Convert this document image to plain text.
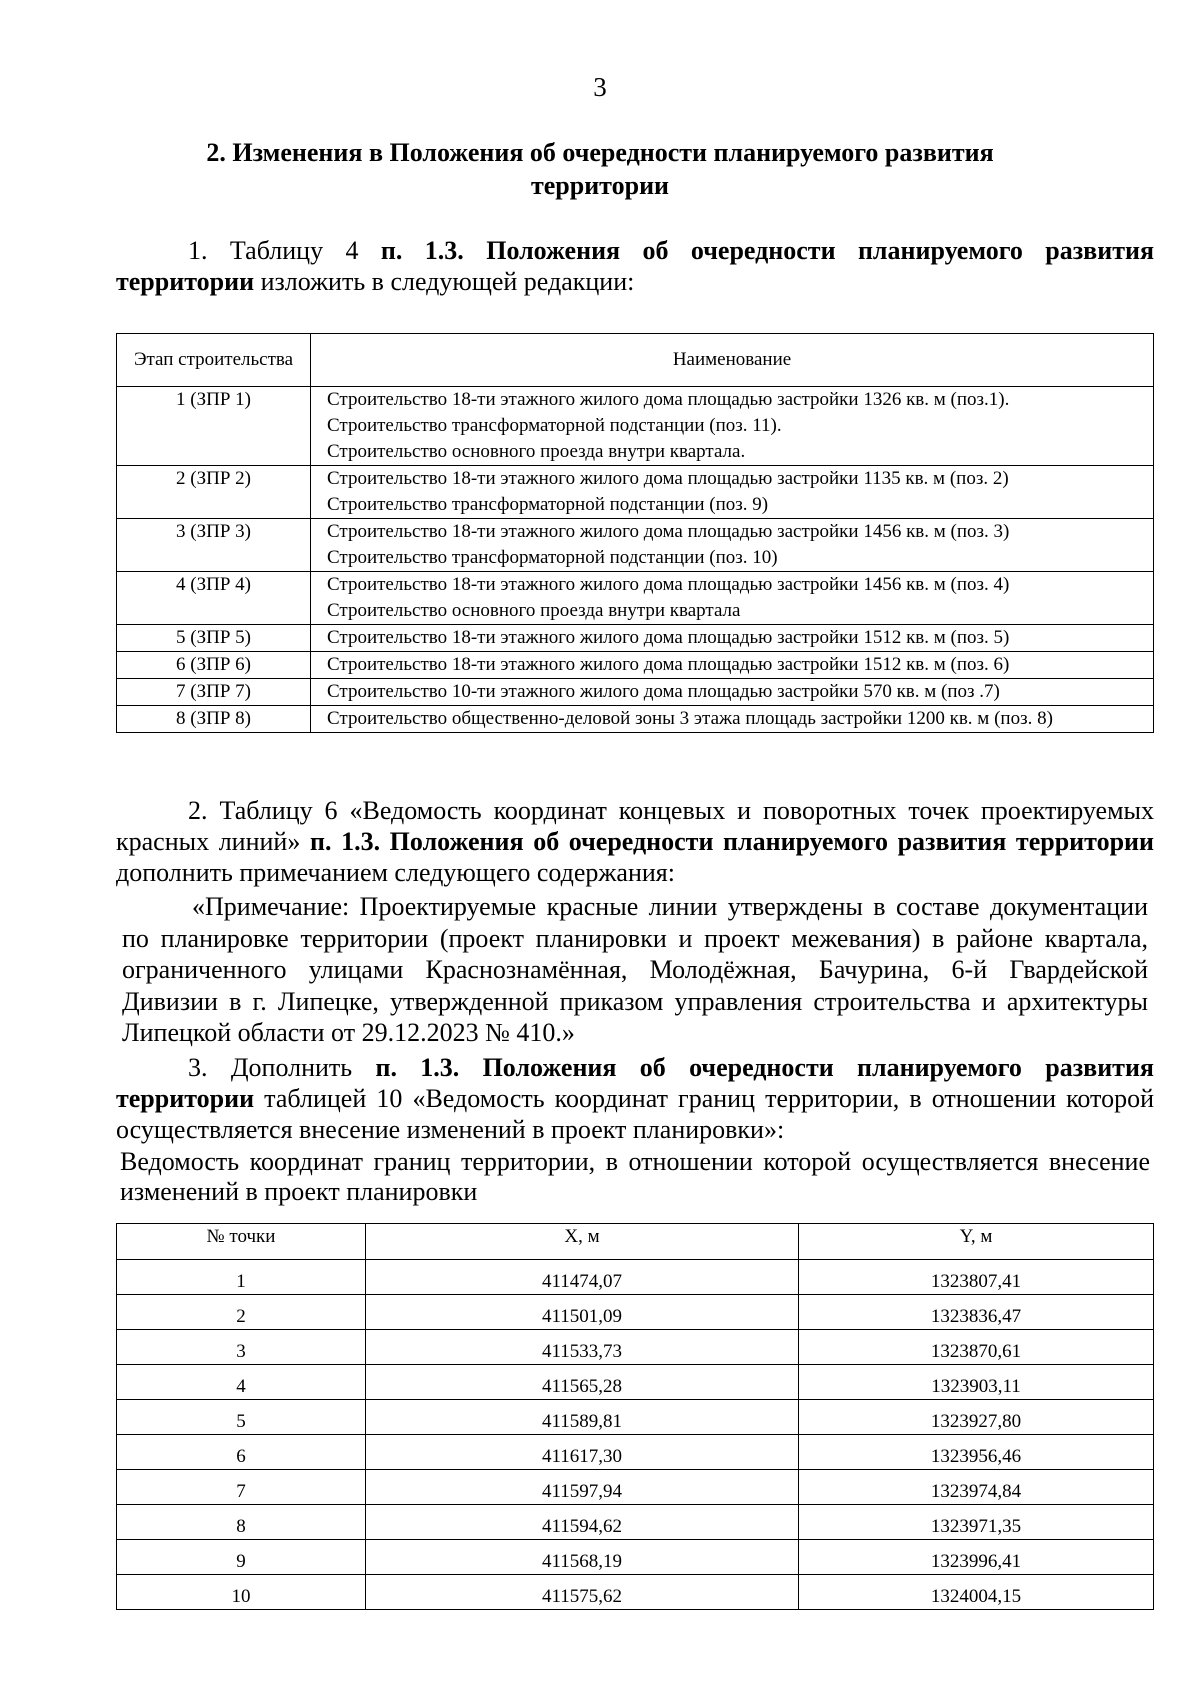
3
2. Изменения в Положения об очередности планируемого развития
территории
1. Таблицу 4 п. 1.3. Положения об очередности планируемого развития территории изложить в следующей редакции:
Этап строительства	Наименование
1 (ЗПР 1)	Строительство 18-ти этажного жилого дома площадью застройки 1326 кв. м (поз.1).
Строительство трансформаторной подстанции (поз. 11).
Строительство основного проезда внутри квартала.

2 (ЗПР 2)	Строительство 18-ти этажного жилого дома площадью застройки 1135 кв. м (поз. 2)
Строительство трансформаторной подстанции (поз. 9)

3 (ЗПР 3)	Строительство 18-ти этажного жилого дома площадью застройки 1456 кв. м (поз. 3)
Строительство трансформаторной подстанции (поз. 10)

4 (ЗПР 4)	Строительство 18-ти этажного жилого дома площадью застройки 1456 кв. м (поз. 4)
Строительство основного проезда внутри квартала

5 (ЗПР 5)	Строительство 18-ти этажного жилого дома площадью застройки 1512 кв. м (поз. 5)

6 (ЗПР 6)	Строительство 18-ти этажного жилого дома площадью застройки 1512 кв. м (поз. 6)

7 (ЗПР 7)	Строительство 10-ти этажного жилого дома площадью застройки 570 кв. м (поз .7)

8 (ЗПР 8)	Строительство общественно-деловой зоны 3 этажа площадь застройки 1200 кв. м (поз. 8)
2. Таблицу 6 «Ведомость координат концевых и поворотных точек проектируемых красных линий» п. 1.3. Положения об очередности планируемого развития территории дополнить примечанием следующего содержания:
«Примечание: Проектируемые красные линии утверждены в составе документации по планировке территории (проект планировки и проект межевания) в районе квартала, ограниченного улицами Краснознамённая, Молодёжная, Бачурина, 6-й Гвардейской Дивизии в г. Липецке, утвержденной приказом управления строительства и архитектуры Липецкой области от 29.12.2023 № 410.»
3. Дополнить п. 1.3. Положения об очередности планируемого развития территории таблицей 10 «Ведомость координат границ территории, в отношении которой осуществляется внесение изменений в проект планировки»:
Ведомость координат границ территории, в отношении которой осуществляется внесение изменений в проект планировки
№ точки	X, м	Y, м
1	411474,07	1323807,41
2	411501,09	1323836,47
3	411533,73	1323870,61
4	411565,28	1323903,11
5	411589,81	1323927,80
6	411617,30	1323956,46
7	411597,94	1323974,84
8	411594,62	1323971,35
9	411568,19	1323996,41
10	411575,62	1324004,15
